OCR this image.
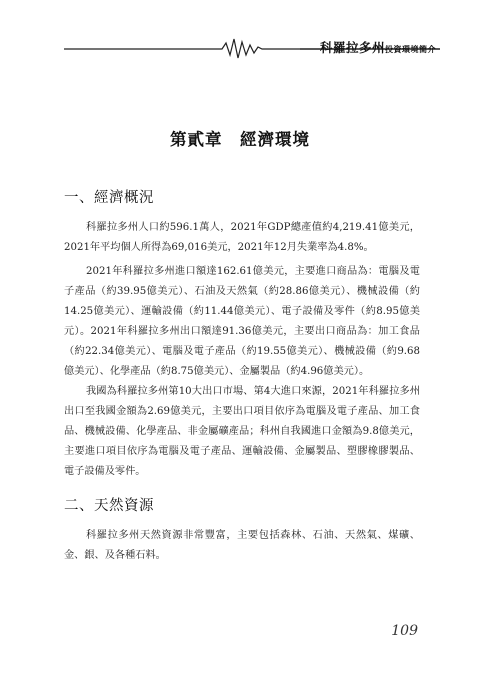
科羅拉多州投資環境簡介
第貳章　經濟環境
一、經濟概況

科羅拉多州人口約596.1萬人，2021年GDP總產值約4,219.41億美元，2021年平均個人所得為69,016美元，2021年12月失業率為4.8%。

2021年科羅拉多州進口額達162.61億美元，主要進口商品為：電腦及電子產品（約39.95億美元）、石油及天然氣（約28.86億美元）、機械設備（約14.25億美元）、運輸設備（約11.44億美元）、電子設備及零件（約8.95億美元）。2021年科羅拉多州出口額達91.36億美元，主要出口商品為：加工食品（約22.34億美元）、電腦及電子產品（約19.55億美元）、機械設備（約9.68億美元）、化學產品（約8.75億美元）、金屬製品（約4.96億美元）。

我國為科羅拉多州第10大出口市場、第4大進口來源，2021年科羅拉多州出口至我國金額為2.69億美元，主要出口項目依序為電腦及電子產品、加工食品、機械設備、化學產品、非金屬礦產品；科州自我國進口金額為9.8億美元，主要進口項目依序為電腦及電子產品、運輸設備、金屬製品、塑膠橡膠製品、電子設備及零件。

二、天然資源

科羅拉多州天然資源非常豐富，主要包括森林、石油、天然氣、煤礦、金、銀、及各種石料。

109
